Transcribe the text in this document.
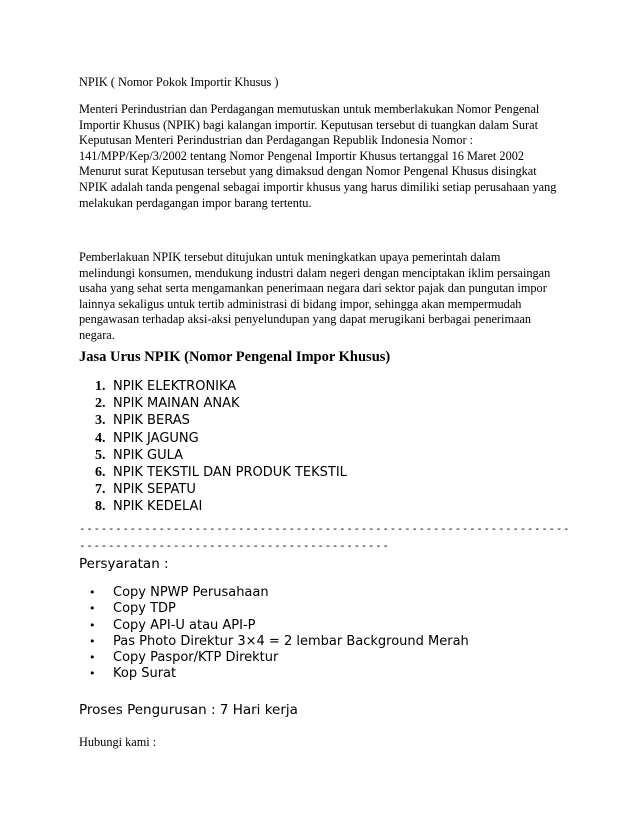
NPIK ( Nomor Pokok Importir Khusus )

Menteri Perindustrian dan Perdagangan memutuskan untuk memberlakukan Nomor Pengenal

Importir Khusus (NPIK) bagi kalangan importir. Keputusan tersebut di tuangkan dalam Surat

Keputusan Menteri Perindustrian dan Perdagangan Republik Indonesia Nomor :

141/MPP/Kep/3/2002 tentang Nomor Pengenal Importir Khusus tertanggal 16 Maret 2002

Menurut surat Keputusan tersebut yang dimaksud dengan Nomor Pengenal Khusus disingkat

NPIK adalah tanda pengenal sebagai importir khusus yang harus dimiliki setiap perusahaan yang

melakukan perdagangan impor barang tertentu.

Pemberlakuan NPIK tersebut ditujukan untuk meningkatkan upaya pemerintah dalam

melindungi konsumen, mendukung industri dalam negeri dengan menciptakan iklim persaingan

usaha yang sehat serta mengamankan penerimaan negara dari sektor pajak dan pungutan impor

lainnya sekaligus untuk tertib administrasi di bidang impor, sehingga akan mempermudah

pengawasan terhadap aksi-aksi penyelundupan yang dapat merugikani berbagai penerimaan

negara.

Jasa Urus NPIK (Nomor Pengenal Impor Khusus)

1. NPIK ELEKTRONIKA
2. NPIK MAINAN ANAK
3. NPIK BERAS
4. NPIK JAGUNG
5. NPIK GULA
6. NPIK TEKSTIL DAN PRODUK TEKSTIL
7. NPIK SEPATU
8. NPIK KEDELAI
---------------------------------------------------------------------------------------------------------------

Persyaratan :

• Copy NPWP Perusahaan
• Copy TDP
• Copy API-U atau API-P
• Pas Photo Direktur 3×4 = 2 lembar Background Merah
• Copy Paspor/KTP Direktur
• Kop Surat

Proses Pengurusan : 7 Hari kerja

Hubungi kami :
